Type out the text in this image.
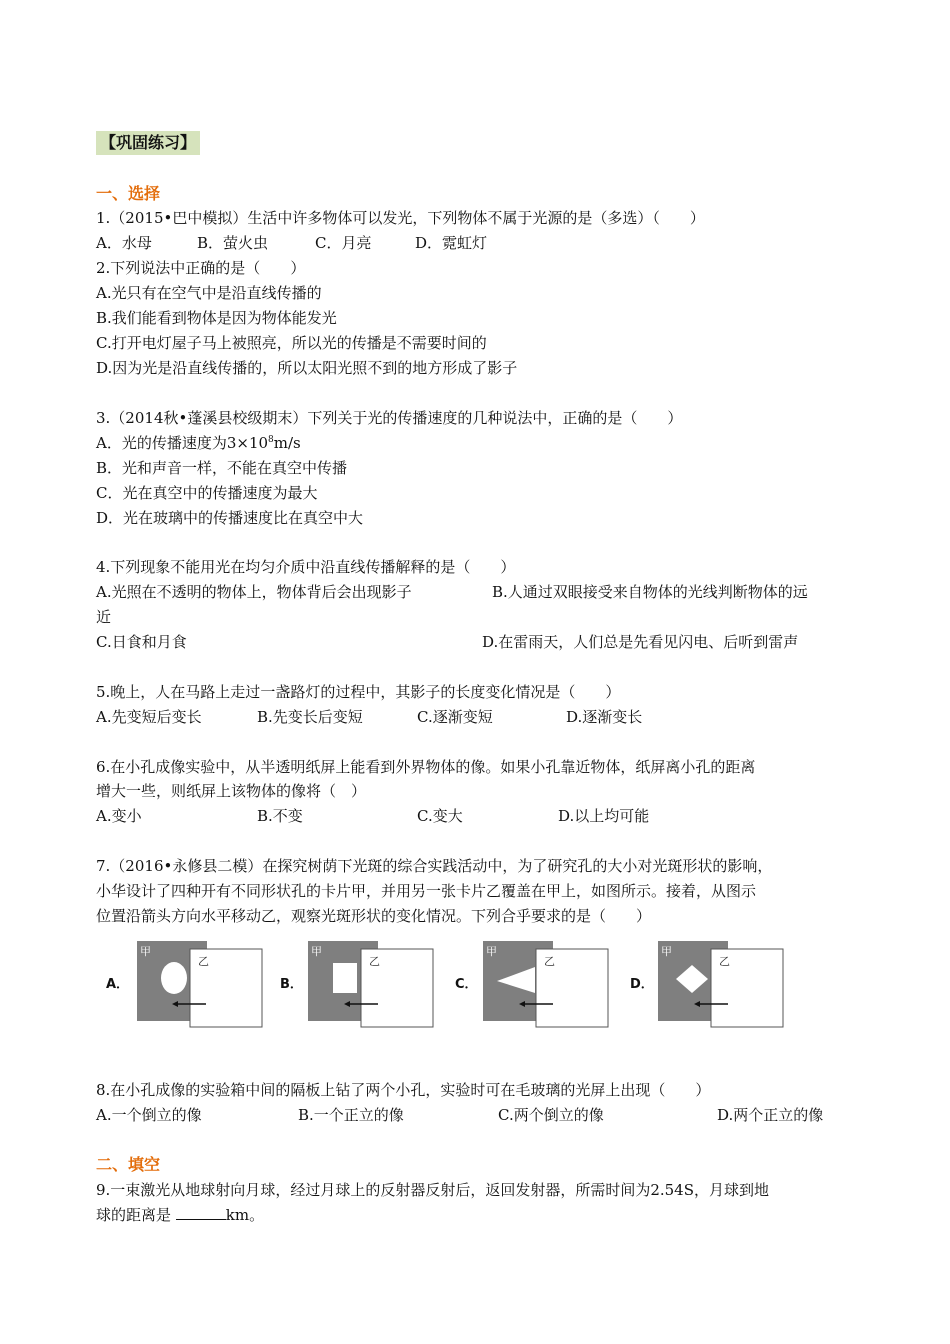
【巩固练习】
一、选择
1.（2015•巴中模拟）生活中许多物体可以发光，下列物体不属于光源的是（多选）（　　）
A．水母	B．萤火虫	C．月亮	D．霓虹灯
2.下列说法中正确的是（　　）
A.光只有在空气中是沿直线传播的
B.我们能看到物体是因为物体能发光
C.打开电灯屋子马上被照亮，所以光的传播是不需要时间的
D.因为光是沿直线传播的，所以太阳光照不到的地方形成了影子
3.（2014秋•蓬溪县校级期末）下列关于光的传播速度的几种说法中，正确的是（　　）
A．光的传播速度为$3\times 10^8m/s$
B．光和声音一样，不能在真空中传播
C．光在真空中的传播速度为最大
D．光在玻璃中的传播速度比在真空中大
4.下列现象不能用光在均匀介质中沿直线传播解释的是（　　）
A.光照在不透明的物体上，物体背后会出现影子	B.人通过双眼接受来自物体的光线判断物体的远
近
C.日食和月食	D.在雷雨天，人们总是先看见闪电、后听到雷声
5.晚上，人在马路上走过一盏路灯的过程中，其影子的长度变化情况是（　　）
A.先变短后变长	B.先变长后变短	C.逐渐变短	D.逐渐变长
6.在小孔成像实验中，从半透明纸屏上能看到外界物体的像。如果小孔靠近物体，纸屏离小孔的距离
增大一些，则纸屏上该物体的像将（　）
A.变小	B.不变	C.变大	D.以上均可能
7.（2016•永修县二模）在探究树荫下光斑的综合实践活动中，为了研究孔的大小对光斑形状的影响，
小华设计了四种开有不同形状孔的卡片甲，并用另一张卡片乙覆盖在甲上，如图所示。接着，从图示
位置沿箭头方向水平移动乙，观察光斑形状的变化情况。下列合乎要求的是（　　）
A．
甲
乙
B．
甲
乙
C．
甲
乙
D．
甲
乙
8.在小孔成像的实验箱中间的隔板上钻了两个小孔，实验时可在毛玻璃的光屏上出现（　　）
A.一个倒立的像	B.一个正立的像	C.两个倒立的像	D.两个正立的像
二、填空
9.一束激光从地球射向月球，经过月球上的反射器反射后，返回发射器，所需时间为2.54S，月球到地
球的距离是	km。
